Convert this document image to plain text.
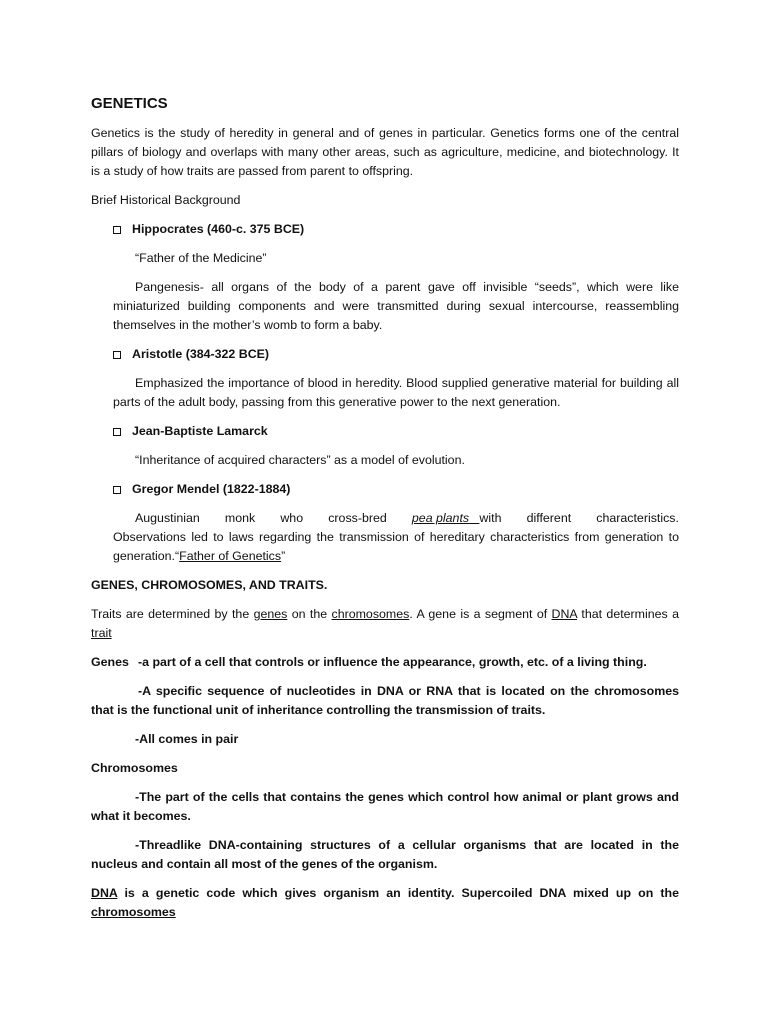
GENETICS

Genetics is the study of heredity in general and of genes in particular. Genetics forms one of the central pillars of biology and overlaps with many other areas, such as agriculture, medicine, and biotechnology. It is a study of how traits are passed from parent to offspring.

Brief Historical Background

Hippocrates (460-c. 375 BCE)

“Father of the Medicine”

Pangenesis- all organs of the body of a parent gave off invisible “seeds”, which were like miniaturized building components and were transmitted during sexual intercourse, reassembling themselves in the mother’s womb to form a baby.

Aristotle (384-322 BCE)

Emphasized the importance of blood in heredity. Blood supplied generative material for building all parts of the adult body, passing from this generative power to the next generation.

Jean-Baptiste Lamarck

“Inheritance of acquired characters” as a model of evolution.

Gregor Mendel (1822-1884)
Augustinian monk who cross-bred pea plants with different characteristics.
Observations led to laws regarding the transmission of hereditary characteristics from generation to generation.“Father of Genetics”

GENES, CHROMOSOMES, AND TRAITS.

Traits are determined by the genes on the chromosomes. A gene is a segment of DNA that determines a trait

Genes -a part of a cell that controls or influence the appearance, growth, etc. of a living thing.

-A specific sequence of nucleotides in DNA or RNA that is located on the chromosomes that is the functional unit of inheritance controlling the transmission of traits.

-All comes in pair

Chromosomes

-The part of the cells that contains the genes which control how animal or plant grows and what it becomes.

-Threadlike DNA-containing structures of a cellular organisms that are located in the nucleus and contain all most of the genes of the organism.

DNA is a genetic code which gives organism an identity. Supercoiled DNA mixed up on the chromosomes
